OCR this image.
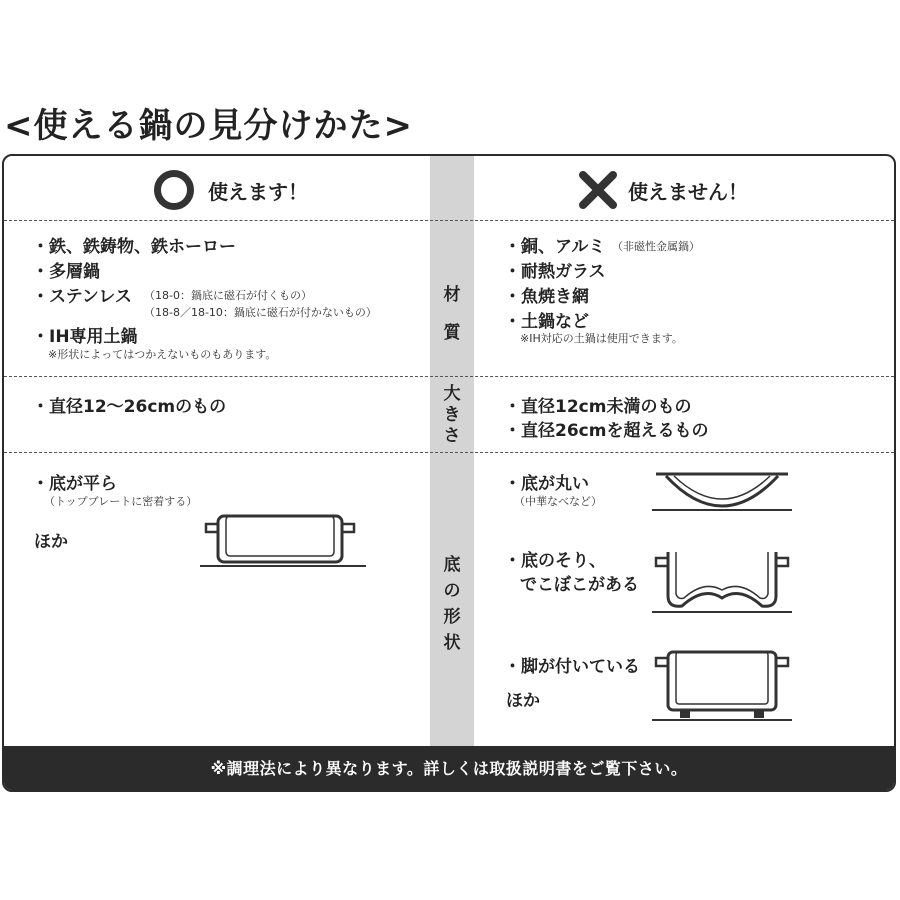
<使える鍋の見分けかた>
使えます！	使えません！
材
質
大
き
さ
底
の
形
状
・鉄、鉄鋳物、鉄ホーロー
・多層鍋
・ステンレス （18-0：鍋底に磁石が付くもの）
（18-8／18-10：鍋底に磁石が付かないもの）
・IH専用土鍋
※形状によってはつかえないものもあります。
・銅、アルミ （非磁性金属鍋）
・耐熱ガラス
・魚焼き網
・土鍋など
※IH対応の土鍋は使用できます。
・直径12～26cmのもの	・直径12cm未満のもの
・直径26cmを超えるもの
・底が平ら
（トップブレートに密着する）
ほか
・底が丸い
（中華なべなど）
・底のそり、
でこぼこがある
・脚が付いている
ほか
※調理法により異なります。詳しくは取扱説明書をご覧下さい。
